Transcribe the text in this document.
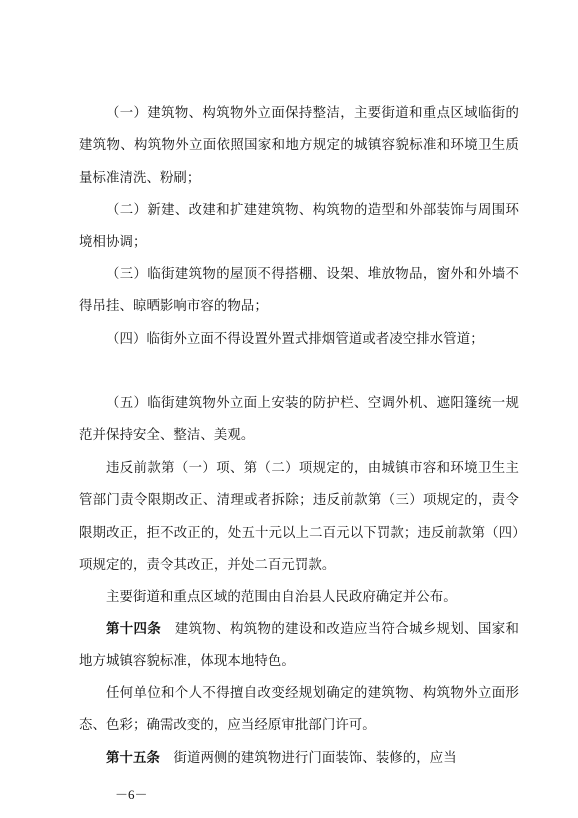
（一）建筑物、构筑物外立面保持整洁，主要街道和重点区域临街的建筑物、构筑物外立面依照国家和地方规定的城镇容貌标准和环境卫生质量标准清洗、粉刷；

（二）新建、改建和扩建建筑物、构筑物的造型和外部装饰与周围环境相协调；

（三）临街建筑物的屋顶不得搭棚、设架、堆放物品，窗外和外墙不得吊挂、晾晒影响市容的物品；

（四）临街外立面不得设置外置式排烟管道或者凌空排水管道；

（五）临街建筑物外立面上安装的防护栏、空调外机、遮阳篷统一规范并保持安全、整洁、美观。

违反前款第（一）项、第（二）项规定的，由城镇市容和环境卫生主管部门责令限期改正、清理或者拆除；违反前款第（三）项规定的，责令限期改正，拒不改正的，处五十元以上二百元以下罚款；违反前款第（四）项规定的，责令其改正，并处二百元罚款。

主要街道和重点区域的范围由自治县人民政府确定并公布。

第十四条　建筑物、构筑物的建设和改造应当符合城乡规划、国家和地方城镇容貌标准，体现本地特色。

任何单位和个人不得擅自改变经规划确定的建筑物、构筑物外立面形态、色彩；确需改变的，应当经原审批部门许可。

第十五条　街道两侧的建筑物进行门面装饰、装修的，应当

－6－
